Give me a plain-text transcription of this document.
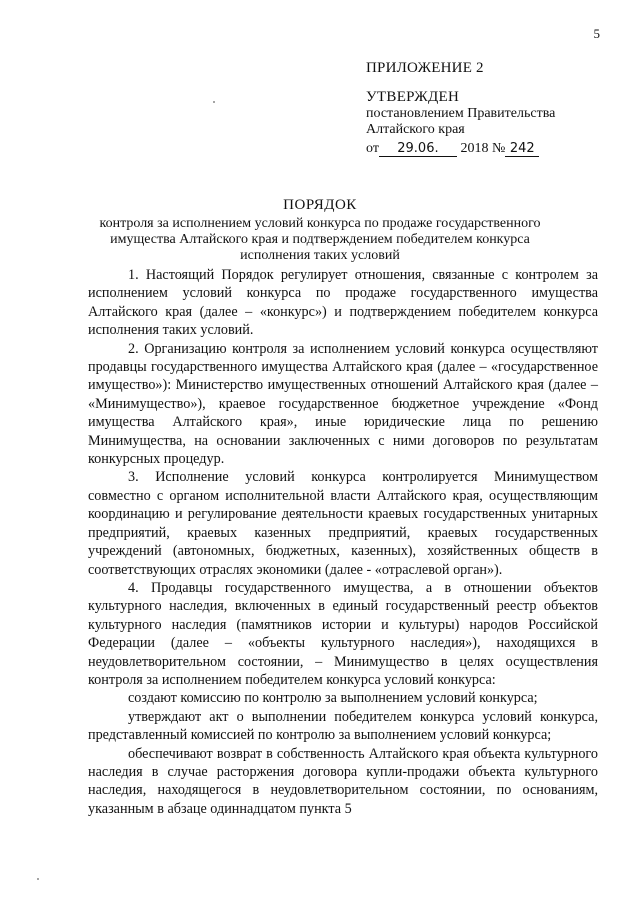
5
ПРИЛОЖЕНИЕ 2
УТВЕРЖДЕН
постановлением Правительства
Алтайского края
от 29.06. 2018 № 242
ПОРЯДОК
контроля за исполнением условий конкурса по продаже государственного имущества Алтайского края и подтверждением победителем конкурса исполнения таких условий

1. Настоящий Порядок регулирует отношения, связанные с контролем за исполнением условий конкурса по продаже государственного имущества Алтайского края (далее – «конкурс») и подтверждением победителем конкурса исполнения таких условий.

2. Организацию контроля за исполнением условий конкурса осуществляют продавцы государственного имущества Алтайского края (далее – «государственное имущество»): Министерство имущественных отношений Алтайского края (далее – «Минимущество»), краевое государственное бюджетное учреждение «Фонд имущества Алтайского края», иные юридические лица по решению Минимущества, на основании заключенных с ними договоров по результатам конкурсных процедур.

3. Исполнение условий конкурса контролируется Минимуществом совместно с органом исполнительной власти Алтайского края, осуществляющим координацию и регулирование деятельности краевых государственных унитарных предприятий, краевых казенных предприятий, краевых государственных учреждений (автономных, бюджетных, казенных), хозяйственных обществ в соответствующих отраслях экономики (далее - «отраслевой орган»).

4. Продавцы государственного имущества, а в отношении объектов культурного наследия, включенных в единый государственный реестр объектов культурного наследия (памятников истории и культуры) народов Российской Федерации (далее – «объекты культурного наследия»), находящихся в неудовлетворительном состоянии, – Минимущество в целях осуществления контроля за исполнением победителем конкурса условий конкурса:

создают комиссию по контролю за выполнением условий конкурса;

утверждают акт о выполнении победителем конкурса условий конкурса, представленный комиссией по контролю за выполнением условий конкурса;

обеспечивают возврат в собственность Алтайского края объекта культурного наследия в случае расторжения договора купли-продажи объекта культурного наследия, находящегося в неудовлетворительном состоянии, по основаниям, указанным в абзаце одиннадцатом пункта 5
